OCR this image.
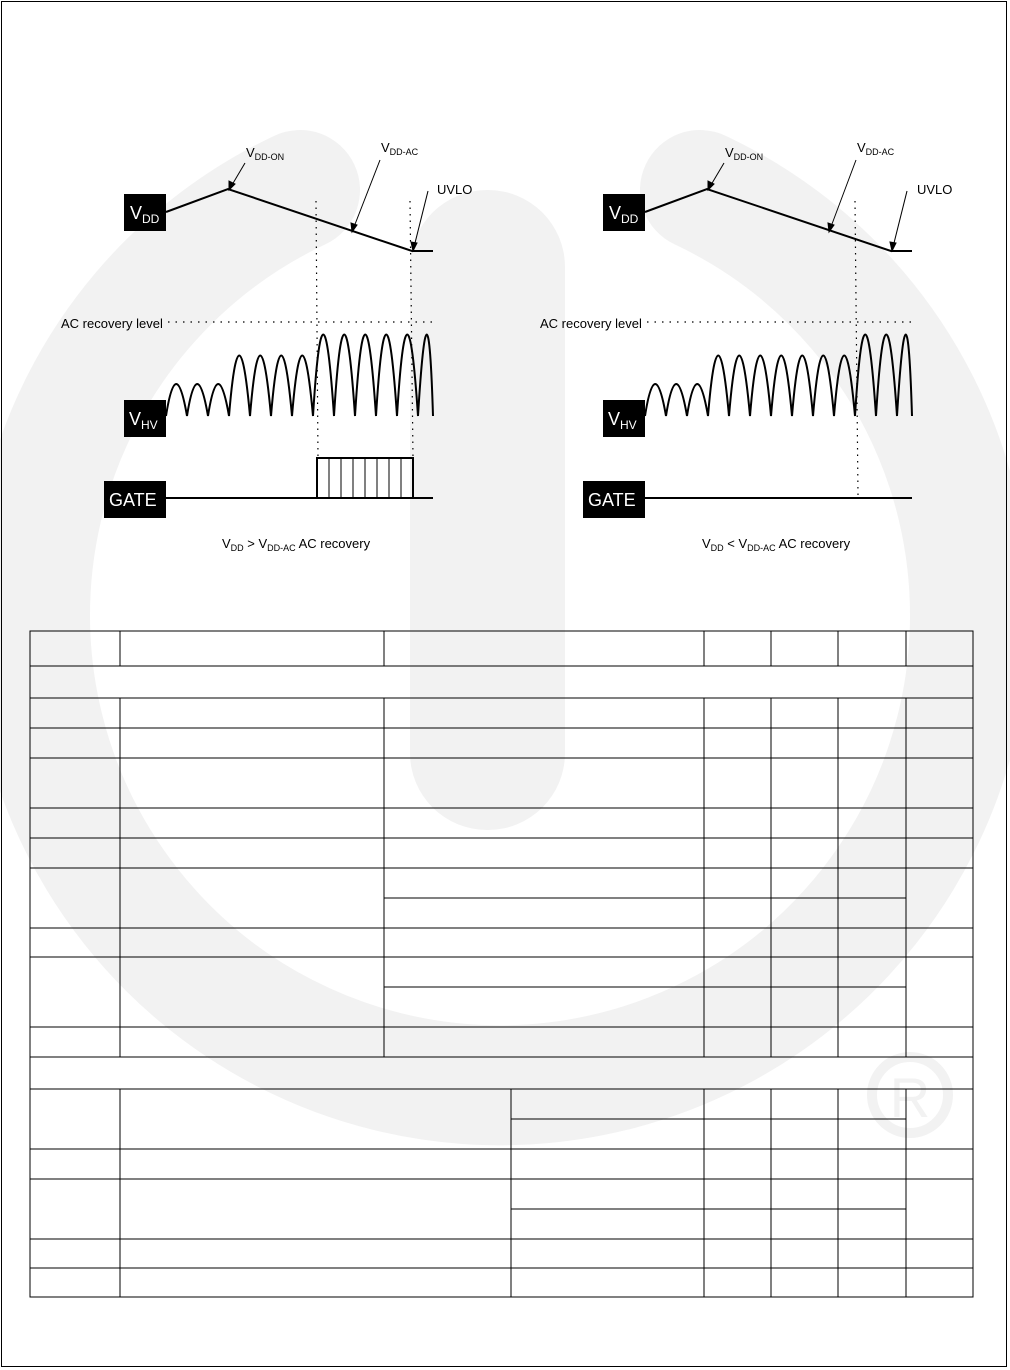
R
$V_{DD}$
$V_{DD-ON}$
$V_{DD-AC}$
UVLO
AC recovery level
$V_{HV}$
GATE
$V_{DD} > V_{DD-AC}$ AC recovery
$V_{DD}$
$V_{DD-ON}$
$V_{DD-AC}$
UVLO
AC recovery level
$V_{HV}$
GATE
$V_{DD} < V_{DD-AC}$ AC recovery
